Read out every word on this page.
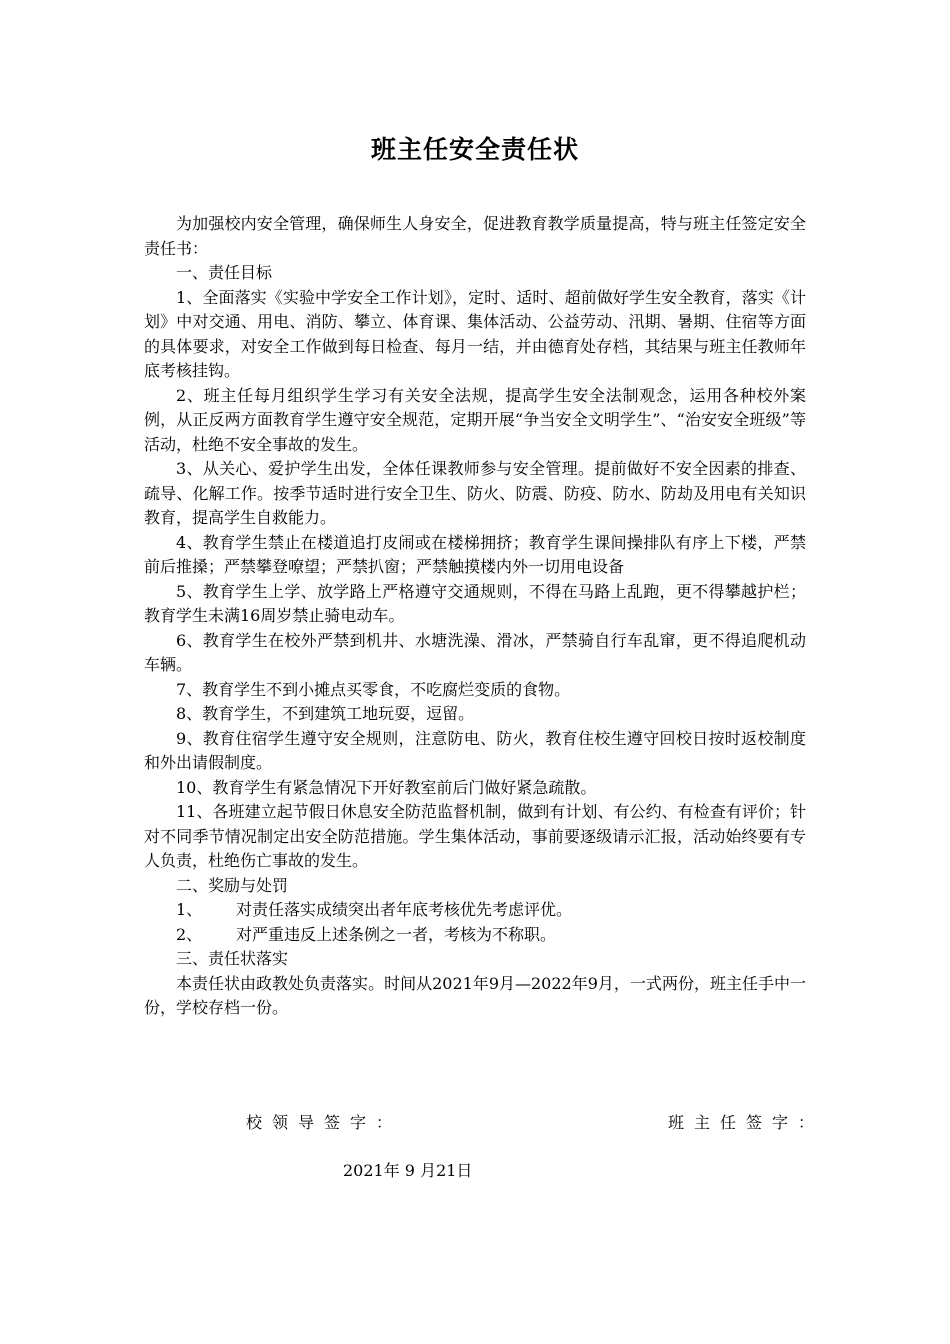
班主任安全责任状

为加强校内安全管理，确保师生人身安全，促进教育教学质量提高，特与班主任签定安全责任书：

一、责任目标

1、全面落实《实验中学安全工作计划》，定时、适时、超前做好学生安全教育，落实《计划》中对交通、用电、消防、攀立、体育课、集体活动、公益劳动、汛期、暑期、住宿等方面的具体要求，对安全工作做到每日检查、每月一结，并由德育处存档，其结果与班主任教师年底考核挂钩。

2、班主任每月组织学生学习有关安全法规，提高学生安全法制观念，运用各种校外案例，从正反两方面教育学生遵守安全规范，定期开展“争当安全文明学生”、“治安安全班级”等活动，杜绝不安全事故的发生。

3、从关心、爱护学生出发，全体任课教师参与安全管理。提前做好不安全因素的排查、疏导、化解工作。按季节适时进行安全卫生、防火、防震、防疫、防水、防劫及用电有关知识教育，提高学生自救能力。

4、教育学生禁止在楼道追打皮闹或在楼梯拥挤；教育学生课间操排队有序上下楼，严禁前后推搡；严禁攀登嘹望；严禁扒窗；严禁触摸楼内外一切用电设备

5、教育学生上学、放学路上严格遵守交通规则，不得在马路上乱跑，更不得攀越护栏；教育学生未满16周岁禁止骑电动车。

6、教育学生在校外严禁到机井、水塘洗澡、滑冰，严禁骑自行车乱窜，更不得追爬机动车辆。

7、教育学生不到小摊点买零食，不吃腐烂变质的食物。

8、教育学生，不到建筑工地玩耍，逗留。

9、教育住宿学生遵守安全规则，注意防电、防火，教育住校生遵守回校日按时返校制度和外出请假制度。

10、教育学生有紧急情况下开好教室前后门做好紧急疏散。

11、各班建立起节假日休息安全防范监督机制，做到有计划、有公约、有检查有评价；针对不同季节情况制定出安全防范措施。学生集体活动，事前要逐级请示汇报，活动始终要有专人负责，杜绝伤亡事故的发生。

二、奖励与处罚

1、 对责任落实成绩突出者年底考核优先考虑评优。

2、 对严重违反上述条例之一者，考核为不称职。

三、责任状落实

本责任状由政教处负责落实。时间从2021年9月—2022年9月，一式两份，班主任手中一份，学校存档一份。

校领导签字：	班主任签字：
2021年 9 月21日
